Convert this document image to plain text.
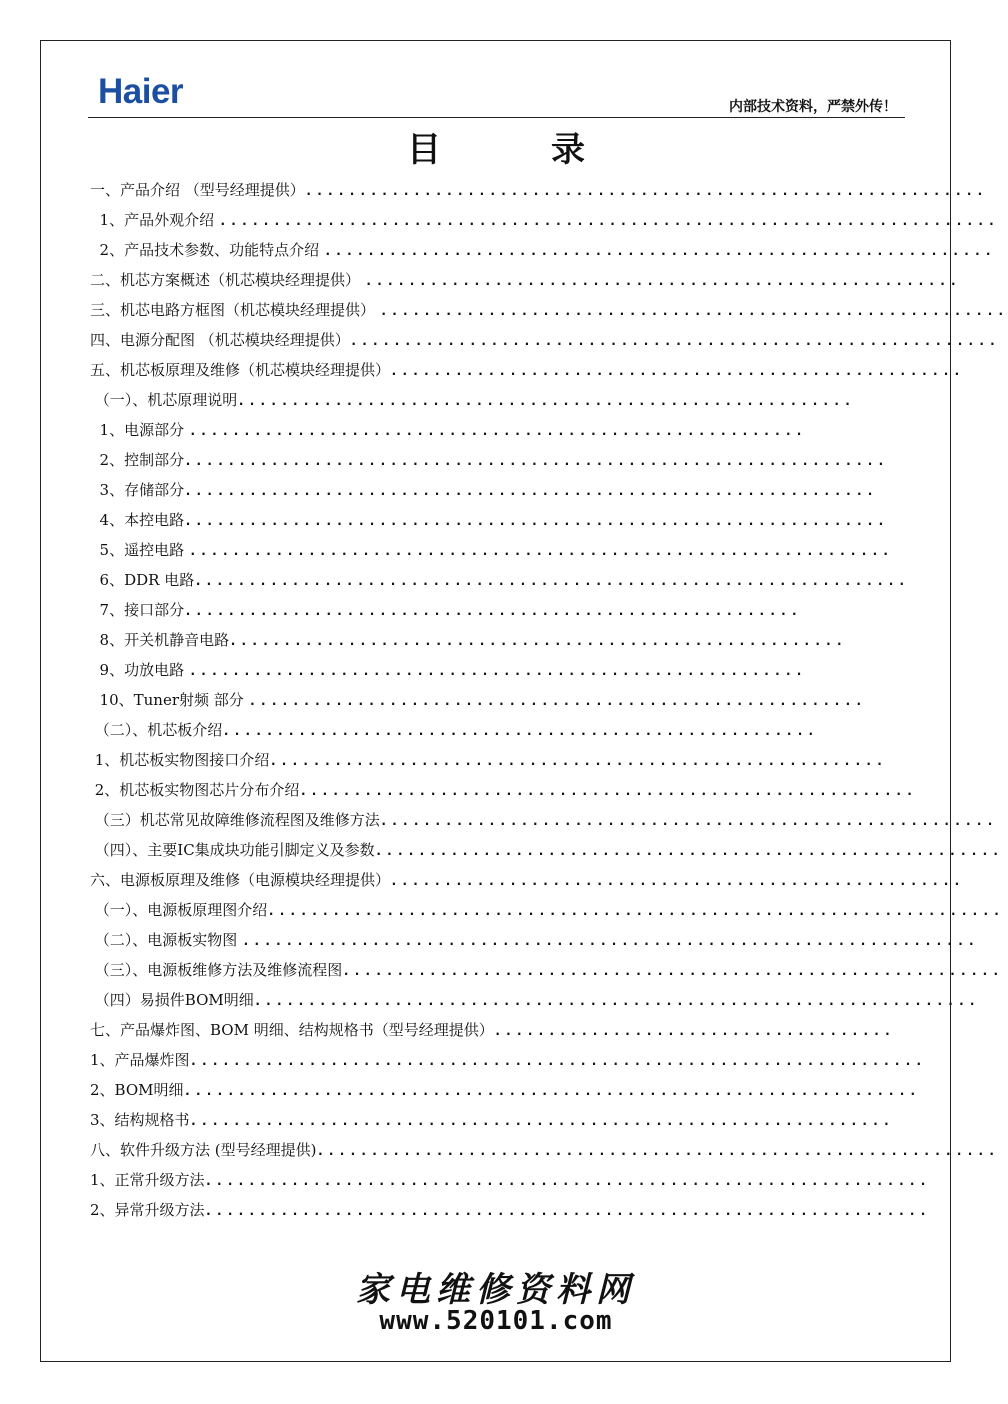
Haier	内部技术资料，严禁外传！
目	录
一、产品介绍 （型号经理提供） ...............................................................
1、产品外观介绍 ........................................................................
2、产品技术参数、功能特点介绍 ..............................................................
二、机芯方案概述（机芯模块经理提供） .......................................................
三、机芯电路方框图（机芯模块经理提供） ..........................................................
四、电源分配图 （机芯模块经理提供） ............................................................
五、机芯板原理及维修（机芯模块经理提供） .....................................................
（一）、机芯原理说明 .........................................................
1、电源部分 .........................................................
2、控制部分 .................................................................
3、存储部分 ................................................................
4、本控电路 .................................................................
5、遥控电路 .................................................................
6、DDR 电路 ..................................................................
7、接口部分 .........................................................
8、开关机静音电路 .........................................................
9、功放电路 .........................................................
10、Tuner射频 部分 .........................................................
（二）、机芯板介绍 .......................................................
1、机芯板实物图接口介绍 .........................................................
2、机芯板实物图芯片分布介绍 .........................................................
（三）机芯常见故障维修流程图及维修方法 .........................................................
（四）、主要IC集成块功能引脚定义及参数 ..........................................................
六、电源板原理及维修（电源模块经理提供） .....................................................
（一）、电源板原理图介绍 ....................................................................
（二）、电源板实物图 ....................................................................
（三）、电源板维修方法及维修流程图 .............................................................
（四）易损件BOM明细 ...................................................................
七、产品爆炸图、BOM 明细、结构规格书（型号经理提供） .....................................
1、产品爆炸图 ....................................................................
2、BOM明细 ....................................................................
3、结构规格书 .................................................................
八、软件升级方法 (型号经理提供) ...............................................................
1、正常升级方法 ...................................................................
2、异常升级方法 ...................................................................
家电维修资料网
www.520101.com
